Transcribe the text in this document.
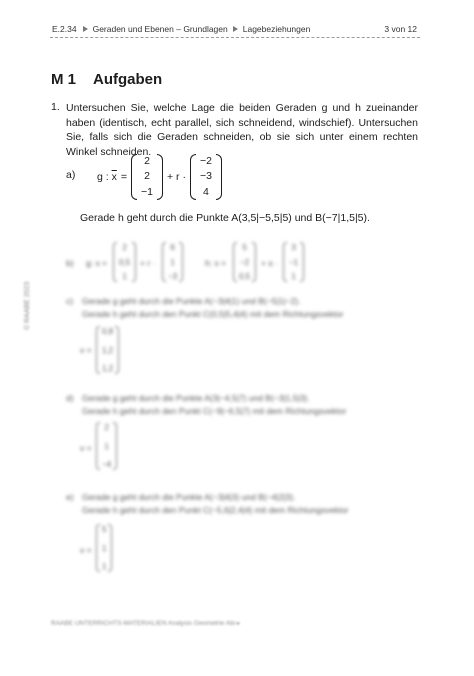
E.2.34 Geraden und Ebenen – Grundlagen Lagebeziehungen	3 von 12
M 1 Aufgaben
1. Untersuchen Sie, welche Lage die beiden Geraden g und h zueinander haben (identisch, echt parallel, sich schneidend, windschief). Untersuchen Sie, falls sich die Geraden schneiden, ob sie sich unter einem rechten Winkel schneiden.
a) g : $\overline{x}$ =
2
2
−1
+ r ·
−2
−3
4
Gerade h geht durch die Punkte A(3,5|−5,5|5) und B(−7|1,5|5).
© RAABE 2023
b) g: x =
2
0,5
1
+ r ·
6
1
−3
h: x =
5
−2
0,5
+ s ·
3
−1
1
c) Gerade g geht durch die Punkte A(−3|4|1) und B(−5|1|−2).
Gerade h geht durch den Punkt C(0,5|5,4|4) mit dem Richtungsvektor
v =
0,8
1,2
1,2
d) Gerade g geht durch die Punkte A(3|−4,5|7) und B(−3|1,5|3).
Gerade h geht durch den Punkt C(−9|−6,5|7) mit dem Richtungsvektor
v =
2
1
−4
e) Gerade g geht durch die Punkte A(−3|4|3) und B(−4|2|3).
Gerade h geht durch den Punkt C(−5,6|2,4|4) mit dem Richtungsvektor
v =
5
1
1
RAABE UNTERRICHTS-MATERIALIEN Analysis Geometrie Abi ▸
